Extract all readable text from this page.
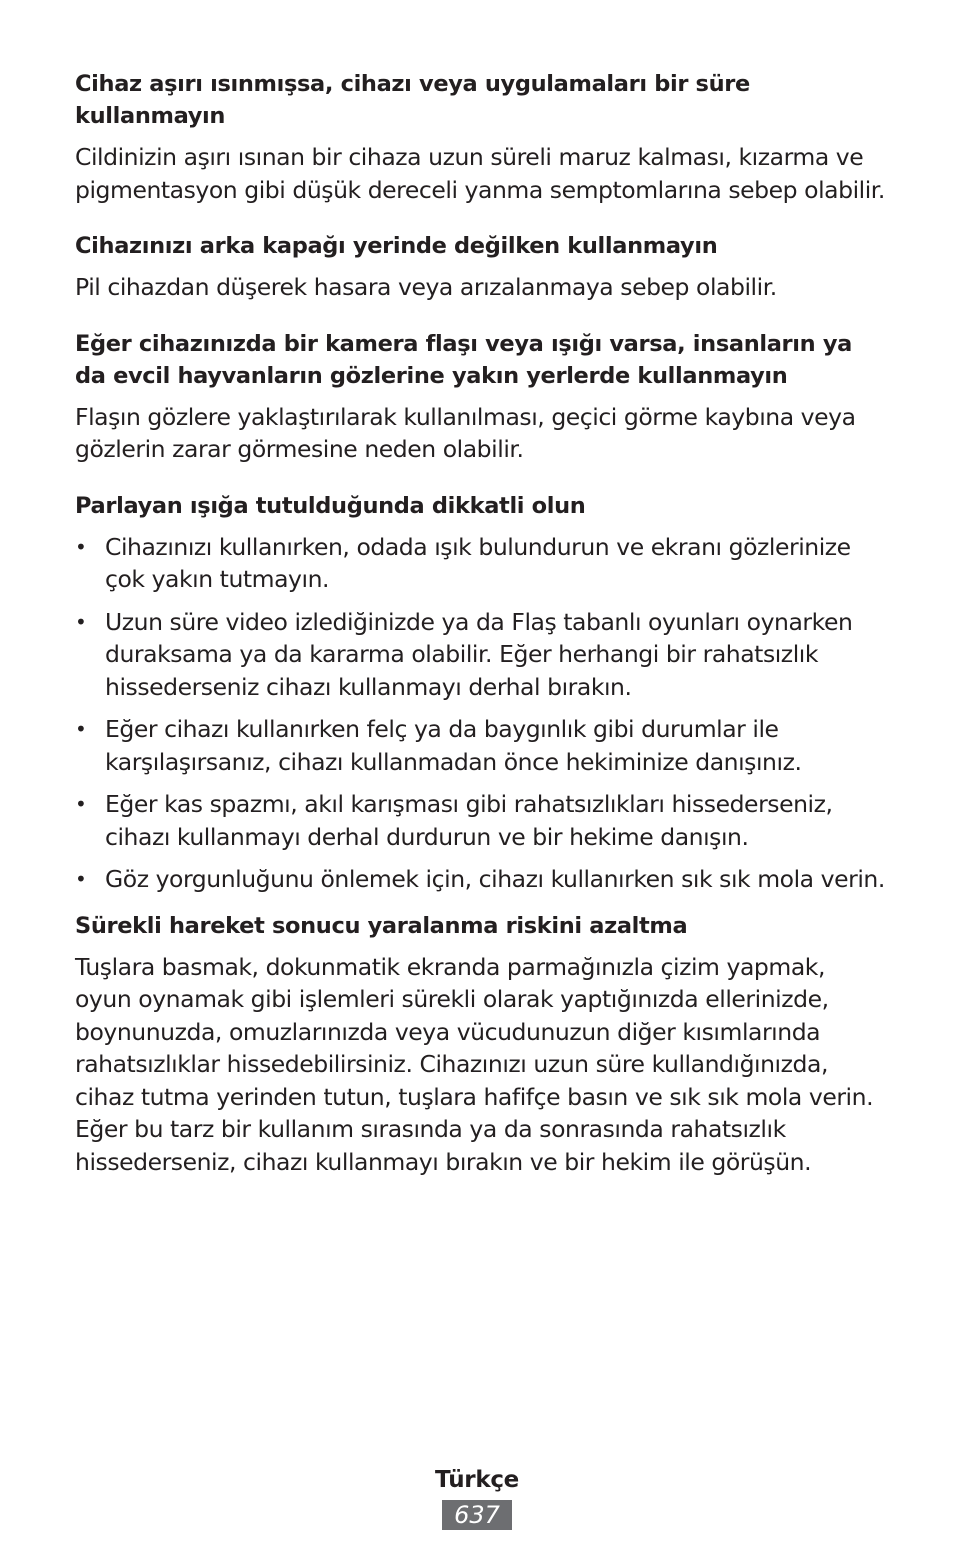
Cihaz aşırı ısınmışsa, cihazı veya uygulamaları bir süre kullanmayın

Cildinizin aşırı ısınan bir cihaza uzun süreli maruz kalması, kızarma ve pigmentasyon gibi düşük dereceli yanma semptomlarına sebep olabilir.

Cihazınızı arka kapağı yerinde değilken kullanmayın

Pil cihazdan düşerek hasara veya arızalanmaya sebep olabilir.

Eğer cihazınızda bir kamera flaşı veya ışığı varsa, insanların ya da evcil hayvanların gözlerine yakın yerlerde kullanmayın

Flaşın gözlere yaklaştırılarak kullanılması, geçici görme kaybına veya gözlerin zarar görmesine neden olabilir.

Parlayan ışığa tutulduğunda dikkatli olun

• Cihazınızı kullanırken, odada ışık bulundurun ve ekranı gözlerinize çok yakın tutmayın.
• Uzun süre video izlediğinizde ya da Flaş tabanlı oyunları oynarken duraksama ya da kararma olabilir. Eğer herhangi bir rahatsızlık hissederseniz cihazı kullanmayı derhal bırakın.
• Eğer cihazı kullanırken felç ya da baygınlık gibi durumlar ile karşılaşırsanız, cihazı kullanmadan önce hekiminize danışınız.
• Eğer kas spazmı, akıl karışması gibi rahatsızlıkları hissederseniz, cihazı kullanmayı derhal durdurun ve bir hekime danışın.
• Göz yorgunluğunu önlemek için, cihazı kullanırken sık sık mola verin.

Sürekli hareket sonucu yaralanma riskini azaltma

Tuşlara basmak, dokunmatik ekranda parmağınızla çizim yapmak, oyun oynamak gibi işlemleri sürekli olarak yaptığınızda ellerinizde, boynunuzda, omuzlarınızda veya vücudunuzun diğer kısımlarında rahatsızlıklar hissedebilirsiniz. Cihazınızı uzun süre kullandığınızda, cihaz tutma yerinden tutun, tuşlara hafifçe basın ve sık sık mola verin. Eğer bu tarz bir kullanım sırasında ya da sonrasında rahatsızlık hissederseniz, cihazı kullanmayı bırakın ve bir hekim ile görüşün.

Türkçe
637
